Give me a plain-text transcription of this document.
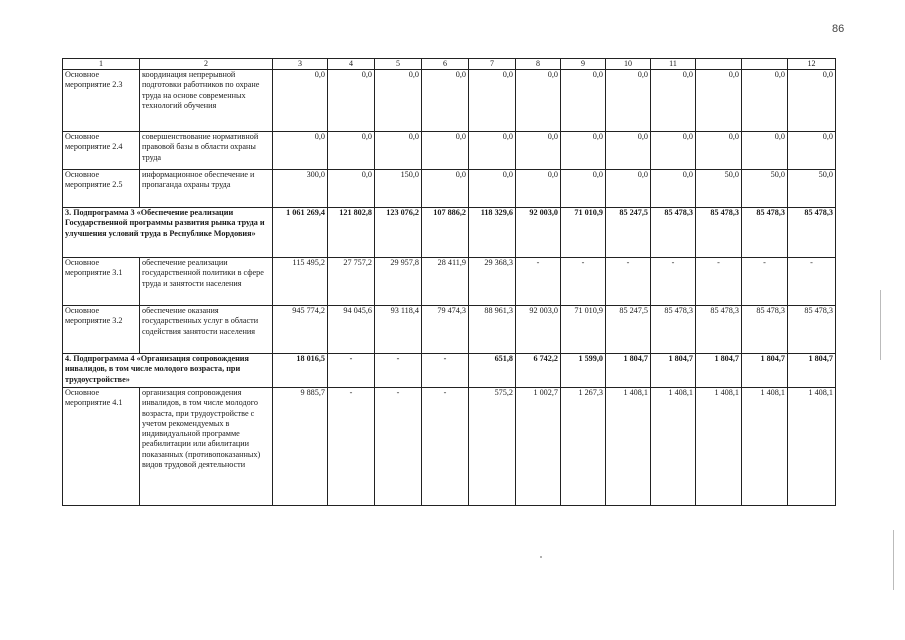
86
1	2	3	4	5	6	7	8	9	10	11			12
Основное мероприятие 2.3	координация непрерывной подготовки работников по охране труда на основе современных технологий обучения	0,0	0,0	0,0	0,0	0,0	0,0	0,0	0,0	0,0	0,0	0,0	0,0
Основное мероприятие 2.4	совершенствование нормативной правовой базы в области охраны труда	0,0	0,0	0,0	0,0	0,0	0,0	0,0	0,0	0,0	0,0	0,0	0,0
Основное мероприятие 2.5	информационное обеспечение и пропаганда охраны труда	300,0	0,0	150,0	0,0	0,0	0,0	0,0	0,0	0,0	50,0	50,0	50,0
3. Подпрограмма 3 «Обеспечение реализации Государственной программы развития рынка труда и улучшения условий труда в Республике Мордовия»		1 061 269,4	121 802,8	123 076,2	107 886,2	118 329,6	92 003,0	71 010,9	85 247,5	85 478,3	85 478,3	85 478,3	85 478,3
Основное мероприятие 3.1	обеспечение реализации государственной политики в сфере труда и занятости населения	115 495,2	27 757,2	29 957,8	28 411,9	29 368,3	-	-	-	-	-	-	-
Основное мероприятие 3.2	обеспечение оказания государственных услуг в области содействия занятости населения	945 774,2	94 045,6	93 118,4	79 474,3	88 961,3	92 003,0	71 010,9	85 247,5	85 478,3	85 478,3	85 478,3	85 478,3
4. Подпрограмма 4 «Организация сопровождения инвалидов, в том числе молодого возраста, при трудоустройстве»		18 016,5	-	-	-	651,8	6 742,2	1 599,0	1 804,7	1 804,7	1 804,7	1 804,7	1 804,7
Основное мероприятие 4.1	организация сопровождения инвалидов, в том числе молодого возраста, при трудоустройстве с учетом рекомендуемых в индивидуальной программе реабилитации или абилитации показанных (противопоказанных) видов трудовой деятельности	9 885,7	-	-	-	575,2	1 002,7	1 267,3	1 408,1	1 408,1	1 408,1	1 408,1	1 408,1
